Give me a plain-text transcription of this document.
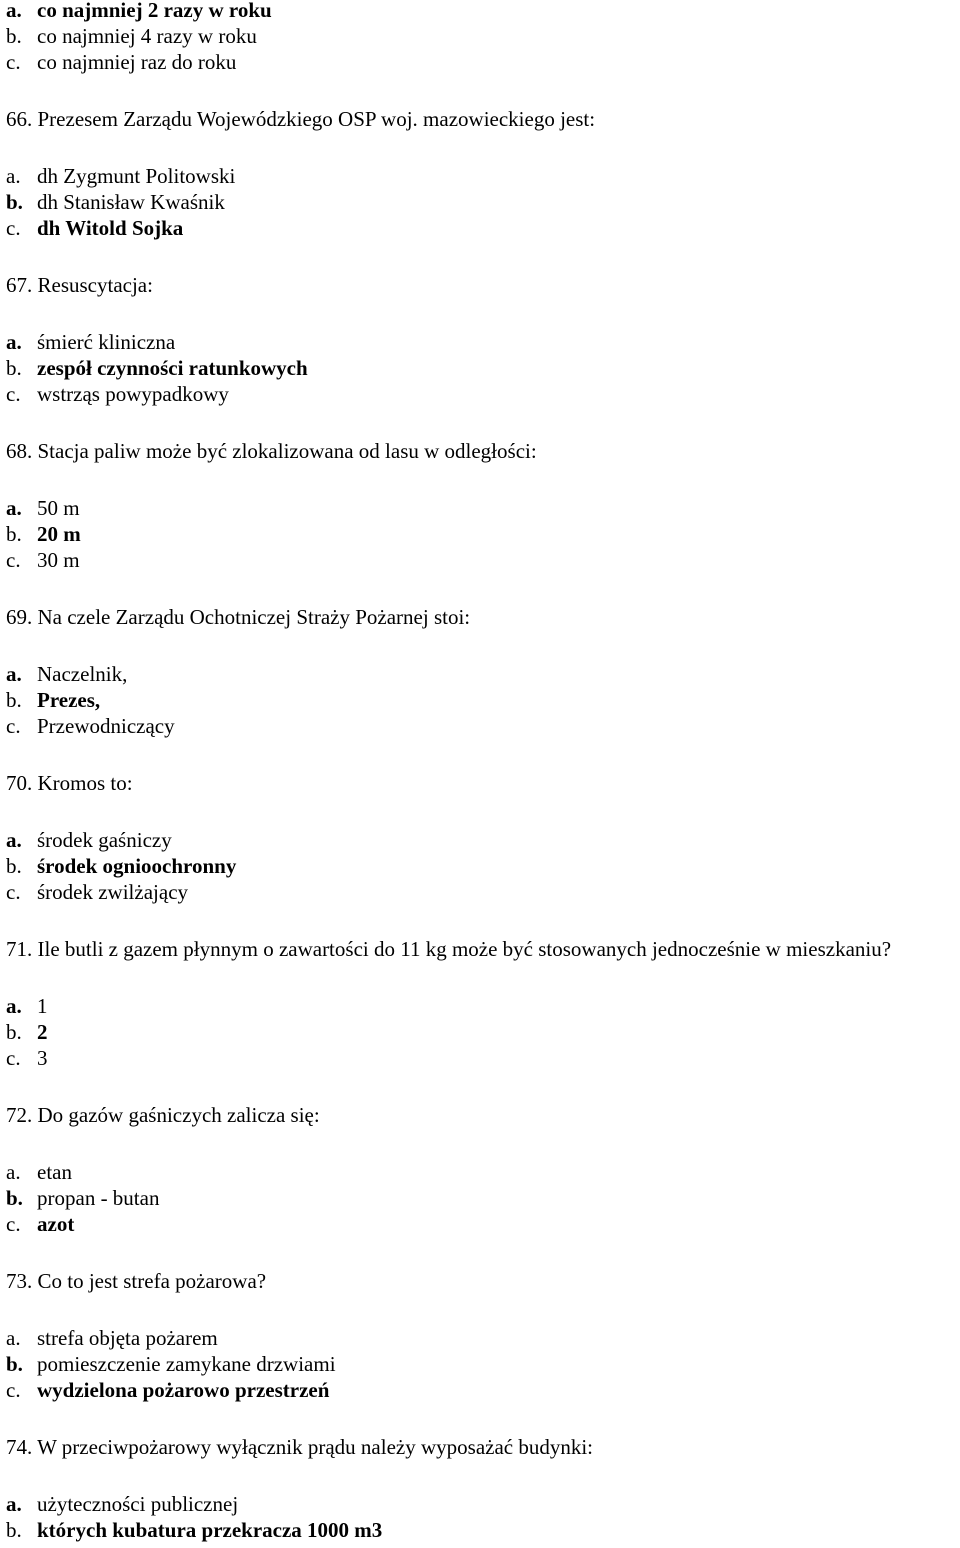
a. co najmniej 2 razy w roku
b. co najmniej 4 razy w roku
c. co najmniej raz do roku
66. Prezesem Zarządu Wojewódzkiego OSP woj. mazowieckiego jest:
a. dh Zygmunt Politowski
b. dh Stanisław Kwaśnik
c. dh Witold Sojka
67. Resuscytacja:
a. śmierć kliniczna
b. zespół czynności ratunkowych
c. wstrząs powypadkowy
68. Stacja paliw może być zlokalizowana od lasu w odległości:
a. 50 m
b. 20 m
c. 30 m
69. Na czele Zarządu Ochotniczej Straży Pożarnej stoi:
a. Naczelnik,
b. Prezes,
c. Przewodniczący
70. Kromos to:
a. środek gaśniczy
b. środek ognioochronny
c. środek zwilżający
71. Ile butli z gazem płynnym o zawartości do 11 kg może być stosowanych jednocześnie w mieszkaniu?
a. 1
b. 2
c. 3
72. Do gazów gaśniczych zalicza się:
a. etan
b. propan - butan
c. azot
73. Co to jest strefa pożarowa?
a. strefa objęta pożarem
b. pomieszczenie zamykane drzwiami
c. wydzielona pożarowo przestrzeń
74. W przeciwpożarowy wyłącznik prądu należy wyposażać budynki:
a. użyteczności publicznej
b. których kubatura przekracza 1000 m3
